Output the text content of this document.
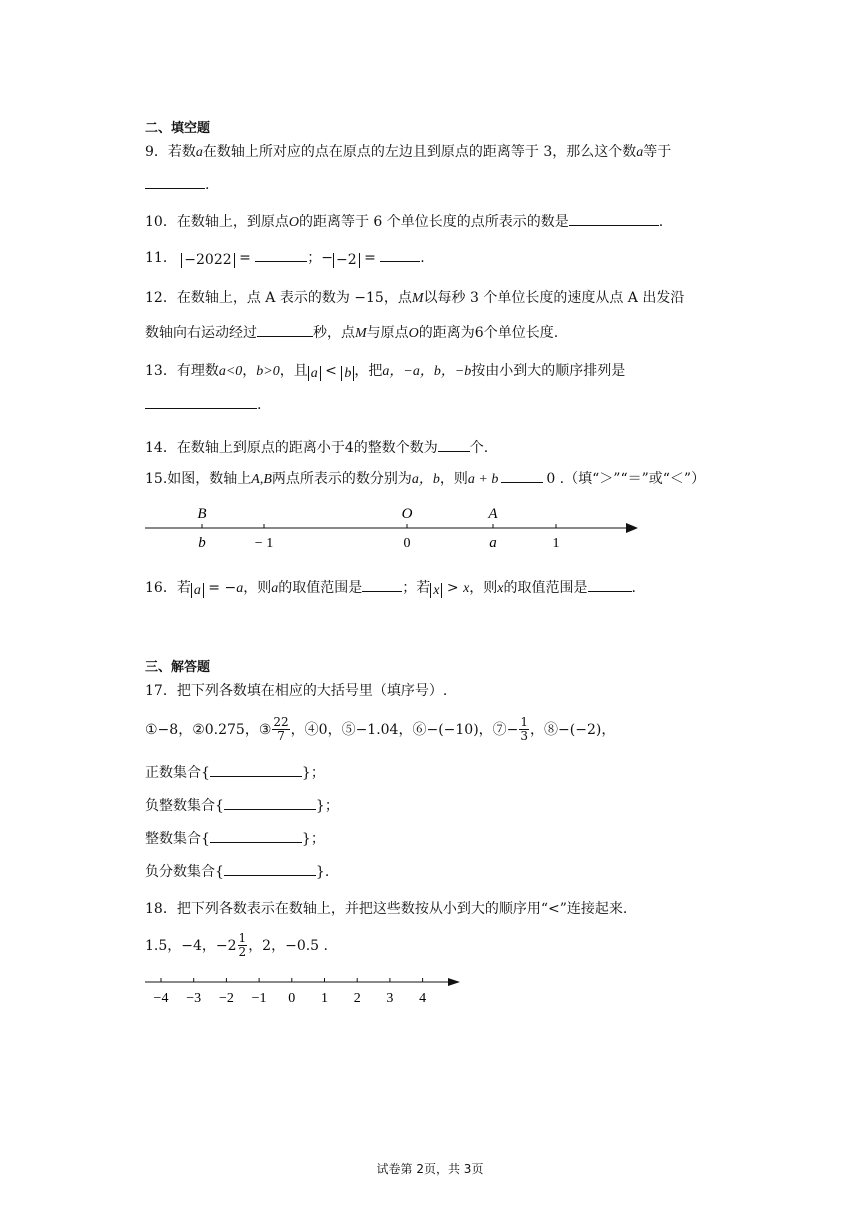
二、填空题
9．若数a在数轴上所对应的点在原点的左边且到原点的距离等于 3，那么这个数a等于
.
10．在数轴上，到原点O的距离等于 6 个单位长度的点所表示的数是	.
11． −2022 =	；− −2 =	.
12．在数轴上，点 A 表示的数为 −15，点M以每秒 3 个单位长度的速度从点 A 出发沿
数轴向右运动经过	秒，点M与原点O的距离为6个单位长度.
13．有理数a<0，b>0，且 a < b ，把a，−a，b，−b按由小到大的顺序排列是
.
14．在数轴上到原点的距离小于4的整数个数为 个.
15.如图，数轴上A,B两点所表示的数分别为a，b，则a + b	0 .（填“＞”“＝”或“＜”）
B
b	− 1
O
0
A
a	1
16．若 a = −a，则a的取值范围是	；若 x > x，则x的取值范围是	.
三、解答题
17．把下列各数填在相应的大括号里（填序号）.
①−8，②0.275，③ $\frac{22}{7}$ ，④0，⑤−1.04，⑥−(−10)，⑦− $\frac{1}{3}$ ，⑧−(−2)，
正数集合{	}；
负整数集合{	}；
整数集合{	}；
负分数集合{	}.
18．把下列各数表示在数轴上，并把这些数按从小到大的顺序用“<”连接起来.
1.5，−4，$-2 \frac{1}{2}$ ，2，−0.5 .
−4 −3 −2 −1 0 1 2 3 4
试卷第 2页，共 3页
